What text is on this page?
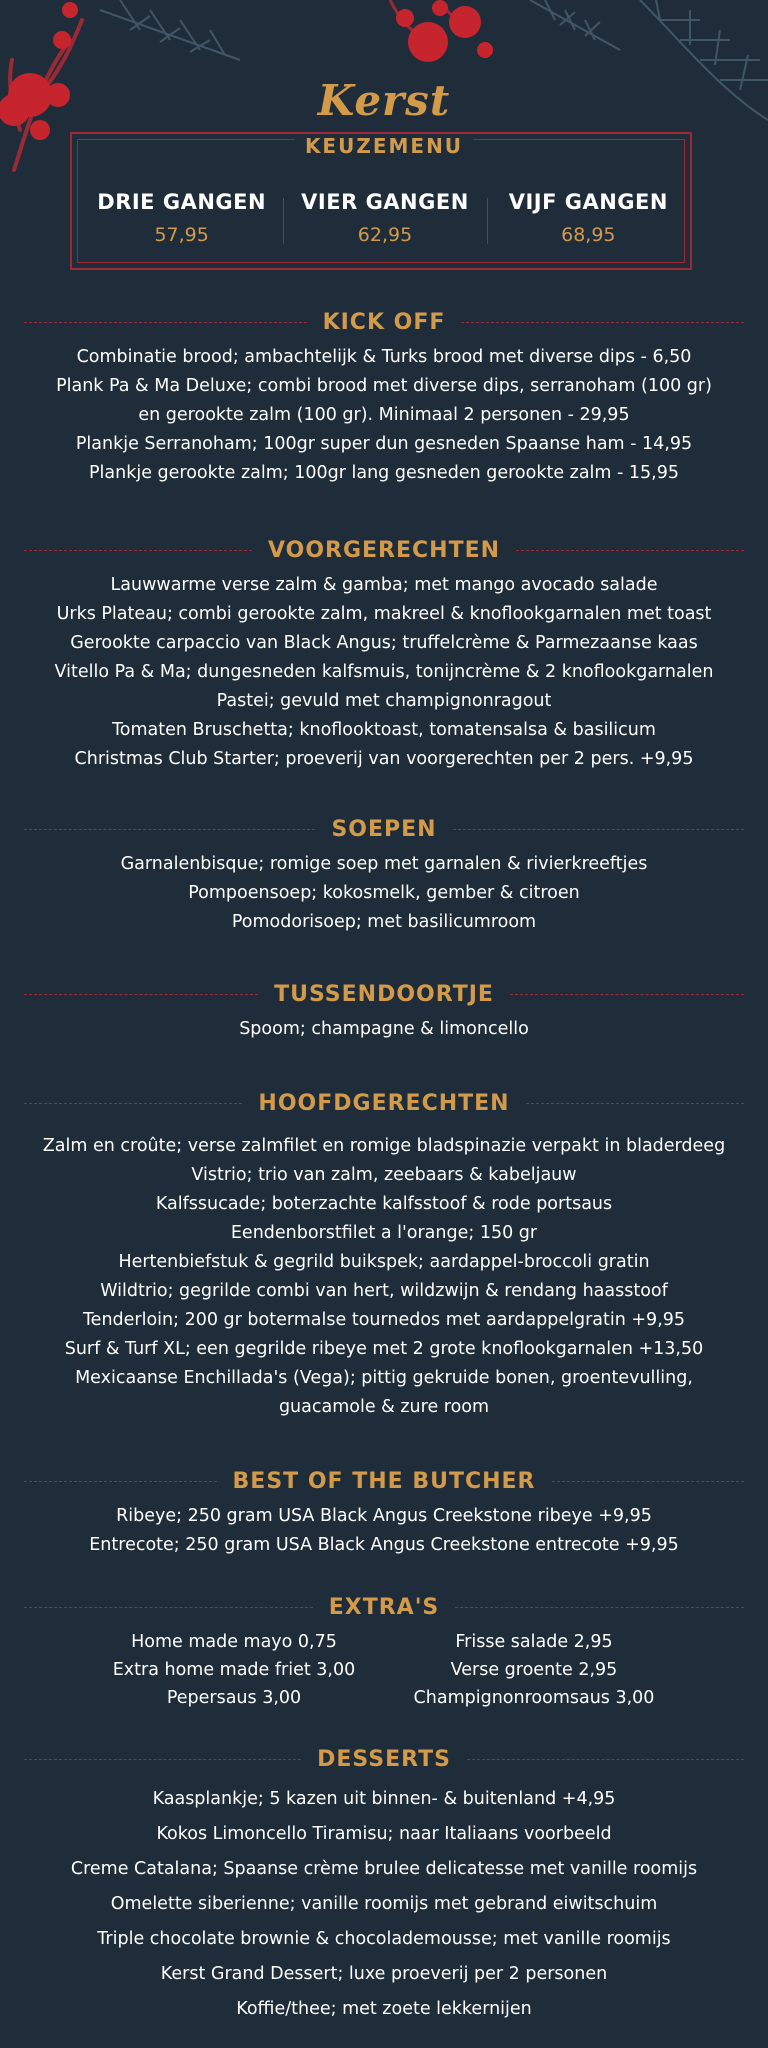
Kerst
KEUZEMENU
DRIE GANGEN
57,95
VIER GANGEN
62,95
VIJF GANGEN
68,95
KICK OFF
Combinatie brood; ambachtelijk & Turks brood met diverse dips - 6,50
Plank Pa & Ma Deluxe; combi brood met diverse dips, serranoham (100 gr)
en gerookte zalm (100 gr). Minimaal 2 personen - 29,95
Plankje Serranoham; 100gr super dun gesneden Spaanse ham - 14,95
Plankje gerookte zalm; 100gr lang gesneden gerookte zalm - 15,95
VOORGERECHTEN
Lauwwarme verse zalm & gamba; met mango avocado salade
Urks Plateau; combi gerookte zalm, makreel & knoflookgarnalen met toast
Gerookte carpaccio van Black Angus; truffelcrème & Parmezaanse kaas
Vitello Pa & Ma; dungesneden kalfsmuis, tonijncrème & 2 knoflookgarnalen
Pastei; gevuld met champignonragout
Tomaten Bruschetta; knoflooktoast, tomatensalsa & basilicum
Christmas Club Starter; proeverij van voorgerechten per 2 pers. +9,95
SOEPEN
Garnalenbisque; romige soep met garnalen & rivierkreeftjes
Pompoensoep; kokosmelk, gember & citroen
Pomodorisoep; met basilicumroom
TUSSENDOORTJE
Spoom; champagne & limoncello
HOOFDGERECHTEN
Zalm en croûte; verse zalmfilet en romige bladspinazie verpakt in bladerdeeg
Vistrio; trio van zalm, zeebaars & kabeljauw
Kalfssucade; boterzachte kalfsstoof & rode portsaus
Eendenborstfilet a l'orange; 150 gr
Hertenbiefstuk & gegrild buikspek; aardappel-broccoli gratin
Wildtrio; gegrilde combi van hert, wildzwijn & rendang haasstoof
Tenderloin; 200 gr botermalse tournedos met aardappelgratin +9,95
Surf & Turf XL; een gegrilde ribeye met 2 grote knoflookgarnalen +13,50
Mexicaanse Enchillada's (Vega); pittig gekruide bonen, groentevulling,
guacamole & zure room
BEST OF THE BUTCHER
Ribeye; 250 gram USA Black Angus Creekstone ribeye +9,95
Entrecote; 250 gram USA Black Angus Creekstone entrecote +9,95
EXTRA'S
Home made mayo 0,75
Extra home made friet 3,00
Pepersaus 3,00
Frisse salade 2,95
Verse groente 2,95
Champignonroomsaus 3,00
DESSERTS
Kaasplankje; 5 kazen uit binnen- & buitenland +4,95
Kokos Limoncello Tiramisu; naar Italiaans voorbeeld
Creme Catalana; Spaanse crème brulee delicatesse met vanille roomijs
Omelette siberienne; vanille roomijs met gebrand eiwitschuim
Triple chocolate brownie & chocolademousse; met vanille roomijs
Kerst Grand Dessert; luxe proeverij per 2 personen
Koffie/thee; met zoete lekkernijen
